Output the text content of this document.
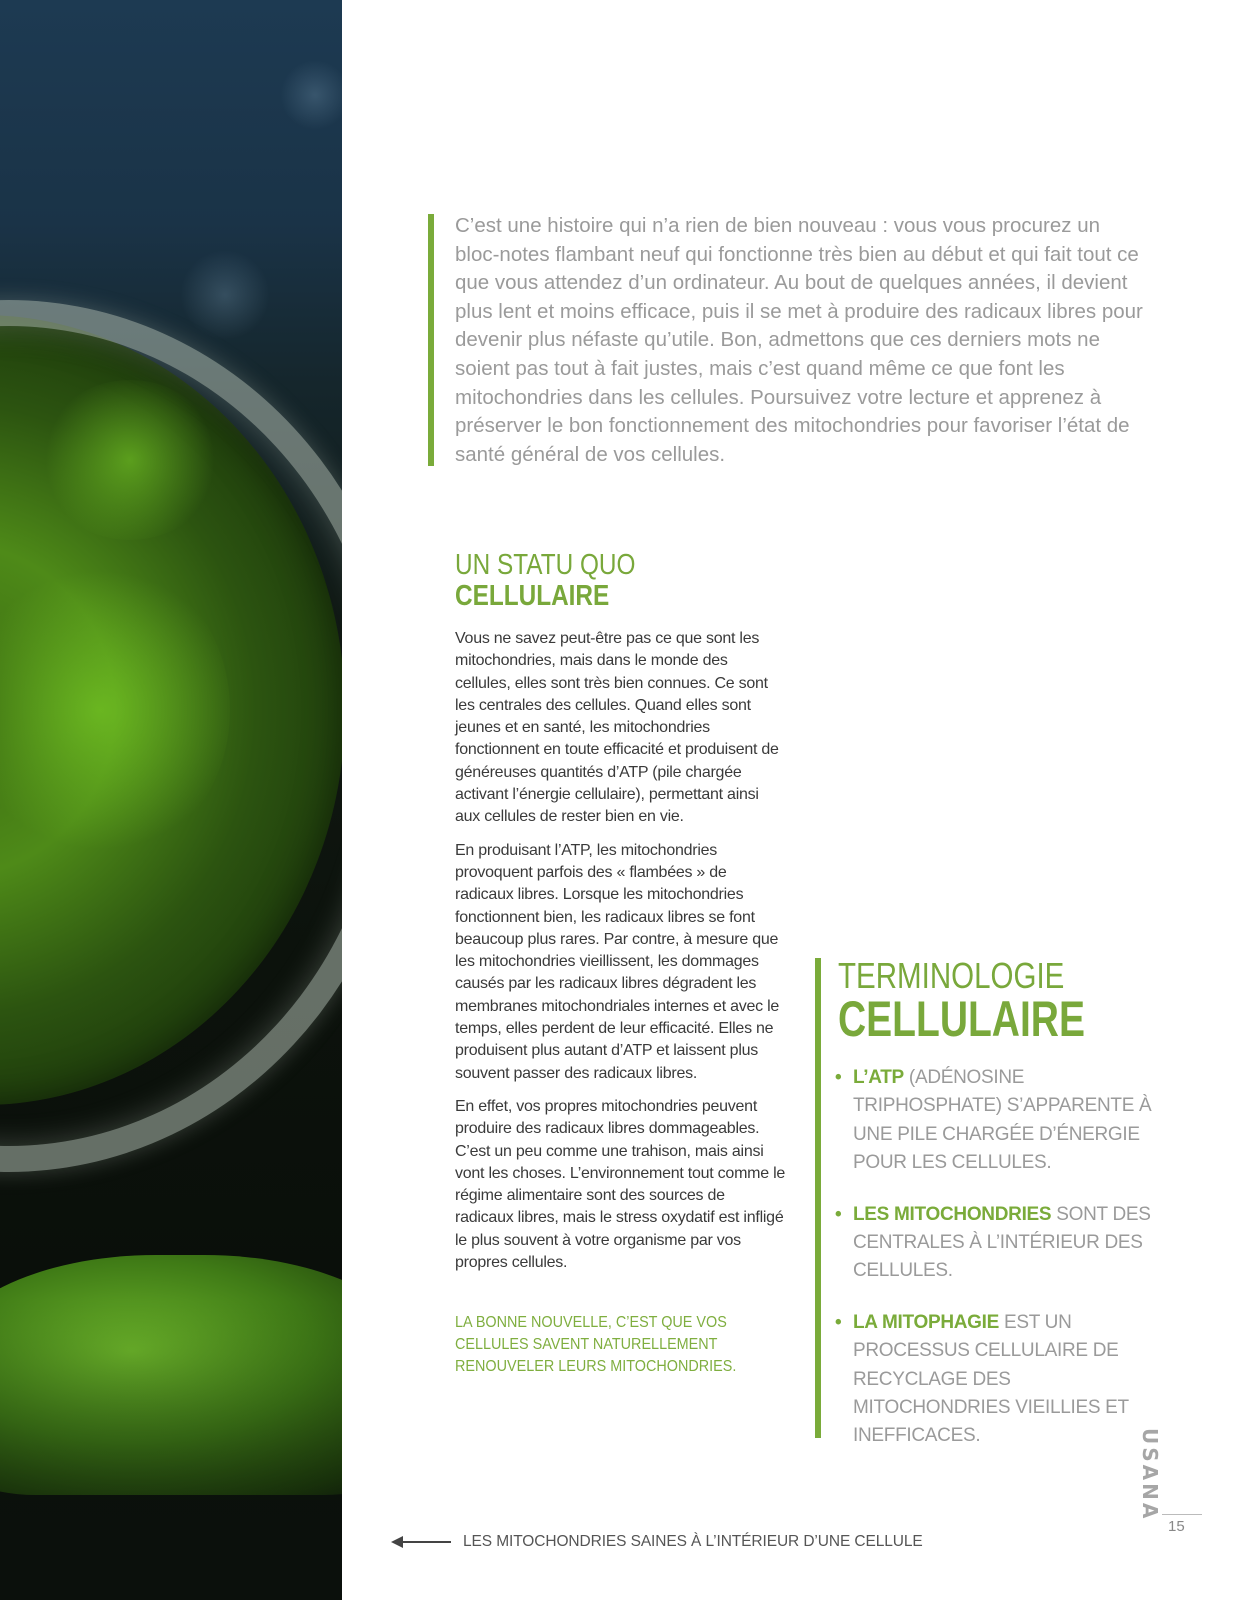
C’est une histoire qui n’a rien de bien nouveau : vous vous procurez un bloc-notes flambant neuf qui fonctionne très bien au début et qui fait tout ce que vous attendez d’un ordinateur. Au bout de quelques années, il devient plus lent et moins efficace, puis il se met à produire des radicaux libres pour devenir plus néfaste qu’utile. Bon, admettons que ces derniers mots ne soient pas tout à fait justes, mais c’est quand même ce que font les mitochondries dans les cellules. Poursuivez votre lecture et apprenez à préserver le bon fonctionnement des mitochondries pour favoriser l’état de santé général de vos cellules.

UN STATU QUO
CELLULAIRE

Vous ne savez peut-être pas ce que sont les mitochondries, mais dans le monde des cellules, elles sont très bien connues. Ce sont les centrales des cellules. Quand elles sont jeunes et en santé, les mitochondries fonctionnent en toute efficacité et produisent de généreuses quantités d’ATP (pile chargée activant l’énergie cellulaire), permettant ainsi aux cellules de rester bien en vie.

En produisant l’ATP, les mitochondries provoquent parfois des « flambées » de radicaux libres. Lorsque les mitochondries fonctionnent bien, les radicaux libres se font beaucoup plus rares. Par contre, à mesure que les mitochondries vieillissent, les dommages causés par les radicaux libres dégradent les membranes mitochondriales internes et avec le temps, elles perdent de leur efficacité. Elles ne produisent plus autant d’ATP et laissent plus souvent passer des radicaux libres.

En effet, vos propres mitochondries peuvent produire des radicaux libres dommageables. C’est un peu comme une trahison, mais ainsi vont les choses. L’environnement tout comme le régime alimentaire sont des sources de radicaux libres, mais le stress oxydatif est infligé le plus souvent à votre organisme par vos propres cellules.

LA BONNE NOUVELLE, C’EST QUE VOS CELLULES SAVENT NATURELLEMENT RENOUVELER LEURS MITOCHONDRIES.

TERMINOLOGIE
CELLULAIRE
• L’ATP (ADÉNOSINE TRIPHOSPHATE) S’APPARENTE À UNE PILE CHARGÉE D’ÉNERGIE POUR LES CELLULES.
• LES MITOCHONDRIES SONT DES CENTRALES À L’INTÉRIEUR DES CELLULES.
• LA MITOPHAGIE EST UN PROCESSUS CELLULAIRE DE RECYCLAGE DES MITOCHONDRIES VIEILLIES ET INEFFICACES.
LES MITOCHONDRIES SAINES À L’INTÉRIEUR D’UNE CELLULE
USANA
15
